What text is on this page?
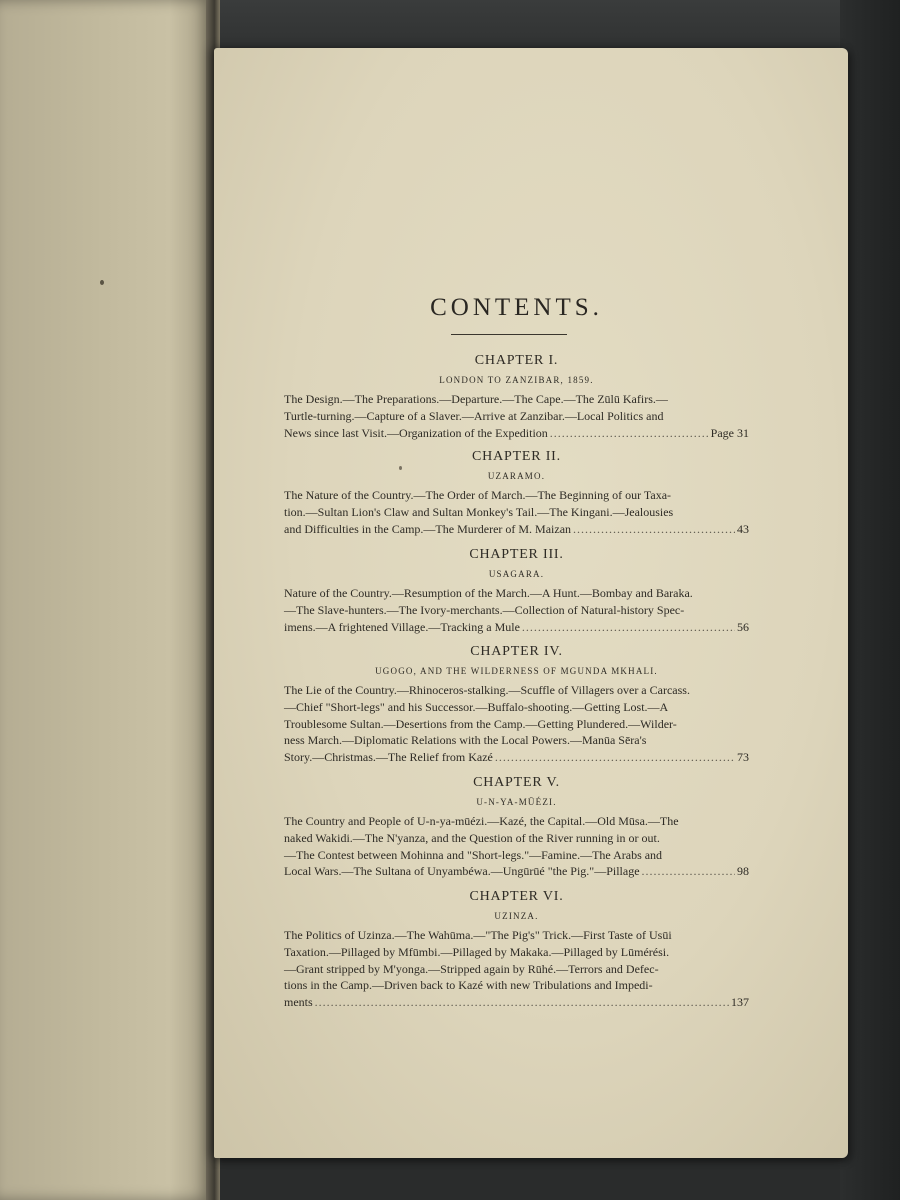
CONTENTS.
CHAPTER I.
LONDON TO ZANZIBAR, 1859.
The Design.—The Preparations.—Departure.—The Cape.—The Zūlū Kafirs.—
Turtle-turning.—Capture of a Slaver.—Arrive at Zanzibar.—Local Politics and
News since last Visit.—Organization of the Expedition .....	Page 31
CHAPTER II.
UZARAMO.
The Nature of the Country.—The Order of March.—The Beginning of our Taxa-
tion.—Sultan Lion's Claw and Sultan Monkey's Tail.—The Kingani.—Jealousies
and Difficulties in the Camp.—The Murderer of M. Maizan .....	43
CHAPTER III.
USAGARA.
Nature of the Country.—Resumption of the March.—A Hunt.—Bombay and Baraka.
—The Slave-hunters.—The Ivory-merchants.—Collection of Natural-history Spec-
imens.—A frightened Village.—Tracking a Mule .....	56
CHAPTER IV.
UGOGO, AND THE WILDERNESS OF MGUNDA MKHALI.
The Lie of the Country.—Rhinoceros-stalking.—Scuffle of Villagers over a Carcass.
—Chief "Short-legs" and his Successor.—Buffalo-shooting.—Getting Lost.—A
Troublesome Sultan.—Desertions from the Camp.—Getting Plundered.—Wilder-
ness March.—Diplomatic Relations with the Local Powers.—Manūa Sēra's
Story.—Christmas.—The Relief from Kazé .....	73
CHAPTER V.
U-N-YA-MŪÉZI.
The Country and People of U-n-ya-mūézi.—Kazé, the Capital.—Old Mūsa.—The
naked Wakidi.—The N'yanza, and the Question of the River running in or out.
—The Contest between Mohinna and "Short-legs."—Famine.—The Arabs and
Local Wars.—The Sultana of Unyambéwa.—Ungūrūé "the Pig."—Pillage .....	98
CHAPTER VI.
UZINZA.
The Politics of Uzinza.—The Wahūma.—"The Pig's" Trick.—First Taste of Usūi
Taxation.—Pillaged by Mfūmbi.—Pillaged by Makaka.—Pillaged by Lūmérési.
—Grant stripped by M'yonga.—Stripped again by Rūhé.—Terrors and Defec-
tions in the Camp.—Driven back to Kazé with new Tribulations and Impedi-
ments .....	137
